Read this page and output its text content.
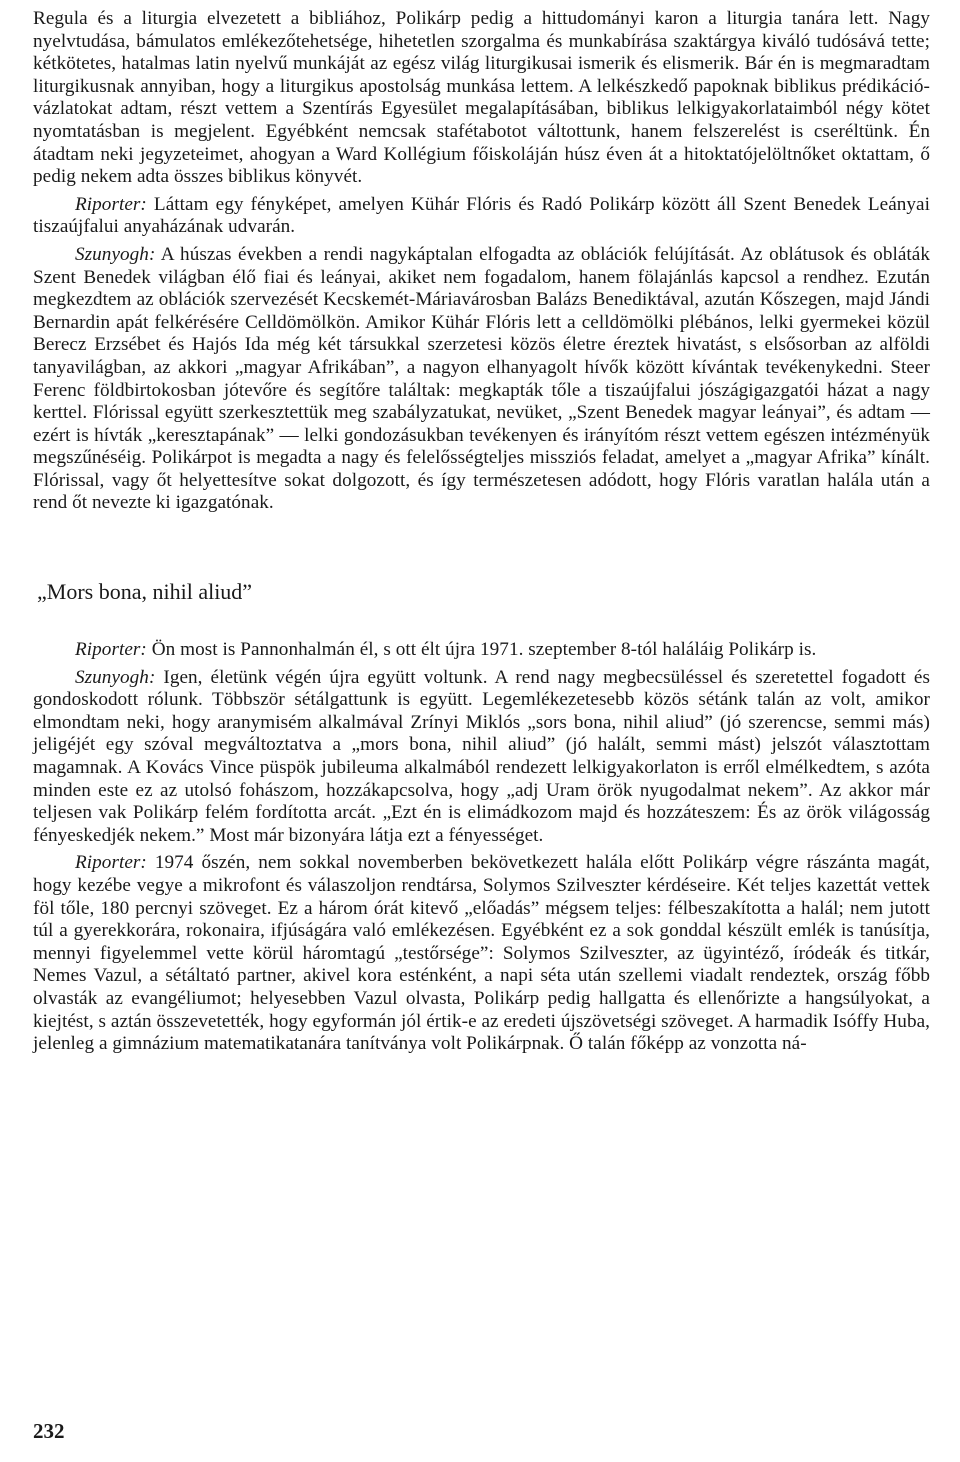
Regula és a liturgia elvezetett a bibliához, Polikárp pedig a hittudományi karon a liturgia tanára lett. Nagy nyelvtudása, bámulatos emlékezőtehetsége, hihetetlen szorgalma és munkabírása szaktárgya kiváló tudósává tette; kétkötetes, hatalmas latin nyelvű munkáját az egész világ liturgikusai ismerik és elismerik. Bár én is megmaradtam liturgikusnak annyiban, hogy a liturgikus apostolság munkása lettem. A lelkészkedő papoknak biblikus prédikáció-vázlatokat adtam, részt vettem a Szentírás Egyesület megalapításában, biblikus lelkigyakorlataimból négy kötet nyomtatásban is megjelent. Egyébként nemcsak stafétabotot váltottunk, hanem felszerelést is cseréltünk. Én átadtam neki jegyzeteimet, ahogyan a Ward Kollégium főiskoláján húsz éven át a hitoktatójelöltnőket oktattam, ő pedig nekem adta összes biblikus könyvét.

Riporter: Láttam egy fényképet, amelyen Kühár Flóris és Radó Polikárp között áll Szent Benedek Leányai tiszaújfalui anyaházának udvarán.

Szunyogh: A húszas években a rendi nagykáptalan elfogadta az oblációk felújítását. Az oblátusok és obláták Szent Benedek világban élő fiai és leányai, akiket nem fogadalom, hanem fölajánlás kapcsol a rendhez. Ezután megkezdtem az oblációk szervezését Kecskemét-Máriavárosban Balázs Benediktával, azután Kőszegen, majd Jándi Bernardin apát felkérésére Celldömölkön. Amikor Kühár Flóris lett a celldömölki plébános, lelki gyermekei közül Berecz Erzsébet és Hajós Ida még két társukkal szerzetesi közös életre éreztek hivatást, s elsősorban az alföldi tanyavilágban, az akkori „magyar Afrikában”, a nagyon elhanyagolt hívők között kívántak tevékenykedni. Steer Ferenc földbirtokosban jótevőre és segítőre találtak: megkapták tőle a tiszaújfalui jószágigazgatói házat a nagy kerttel. Flórissal együtt szerkesztettük meg szabályzatukat, nevüket, „Szent Benedek magyar leányai”, és adtam — ezért is hívták „keresztapának” — lelki gondozásukban tevékenyen és irányítóm részt vettem egészen intézményük megszűnéséig. Polikárpot is megadta a nagy és felelősségteljes missziós feladat, amelyet a „magyar Afrika” kínált. Flórissal, vagy őt helyettesítve sokat dolgozott, és így természetesen adódott, hogy Flóris varatlan halála után a rend őt nevezte ki igazgatónak.

„Mors bona, nihil aliud”

Riporter: Ön most is Pannonhalmán él, s ott élt újra 1971. szeptember 8-tól haláláig Polikárp is.

Szunyogh: Igen, életünk végén újra együtt voltunk. A rend nagy megbecsüléssel és szeretettel fogadott és gondoskodott rólunk. Többször sétálgattunk is együtt. Legemlékezetesebb közös sétánk talán az volt, amikor elmondtam neki, hogy aranymisém alkalmával Zrínyi Miklós „sors bona, nihil aliud” (jó szerencse, semmi más) jeligéjét egy szóval megváltoztatva a „mors bona, nihil aliud” (jó halált, semmi mást) jelszót választottam magamnak. A Kovács Vince püspök jubileuma alkalmából rendezett lelkigyakorlaton is erről elmélkedtem, s azóta minden este ez az utolsó fohászom, hozzákapcsolva, hogy „adj Uram örök nyugodalmat nekem”. Az akkor már teljesen vak Polikárp felém fordította arcát. „Ezt én is elimádkozom majd és hozzáteszem: És az örök világosság fényeskedjék nekem.” Most már bizonyára látja ezt a fényességet.

Riporter: 1974 őszén, nem sokkal novemberben bekövetkezett halála előtt Polikárp végre rászánta magát, hogy kezébe vegye a mikrofont és válaszoljon rendtársa, Solymos Szilveszter kérdéseire. Két teljes kazettát vettek föl tőle, 180 percnyi szöveget. Ez a három órát kitevő „előadás” mégsem teljes: félbeszakította a halál; nem jutott túl a gyerekkorára, rokonaira, ifjúságára való emlékezésen. Egyébként ez a sok gonddal készült emlék is tanúsítja, mennyi figyelemmel vette körül háromtagú „testőrsége”: Solymos Szilveszter, az ügyintéző, íródeák és titkár, Nemes Vazul, a sétáltató partner, akivel kora esténként, a napi séta után szellemi viadalt rendeztek, ország főbb olvasták az evangéliumot; helyesebben Vazul olvasta, Polikárp pedig hallgatta és ellenőrizte a hangsúlyokat, a kiejtést, s aztán összevetették, hogy egyformán jól értik-e az eredeti újszövetségi szöveget. A harmadik Isóffy Huba, jelenleg a gimnázium matematikatanára tanítványa volt Polikárpnak. Ő talán főképp az vonzotta ná-

232
